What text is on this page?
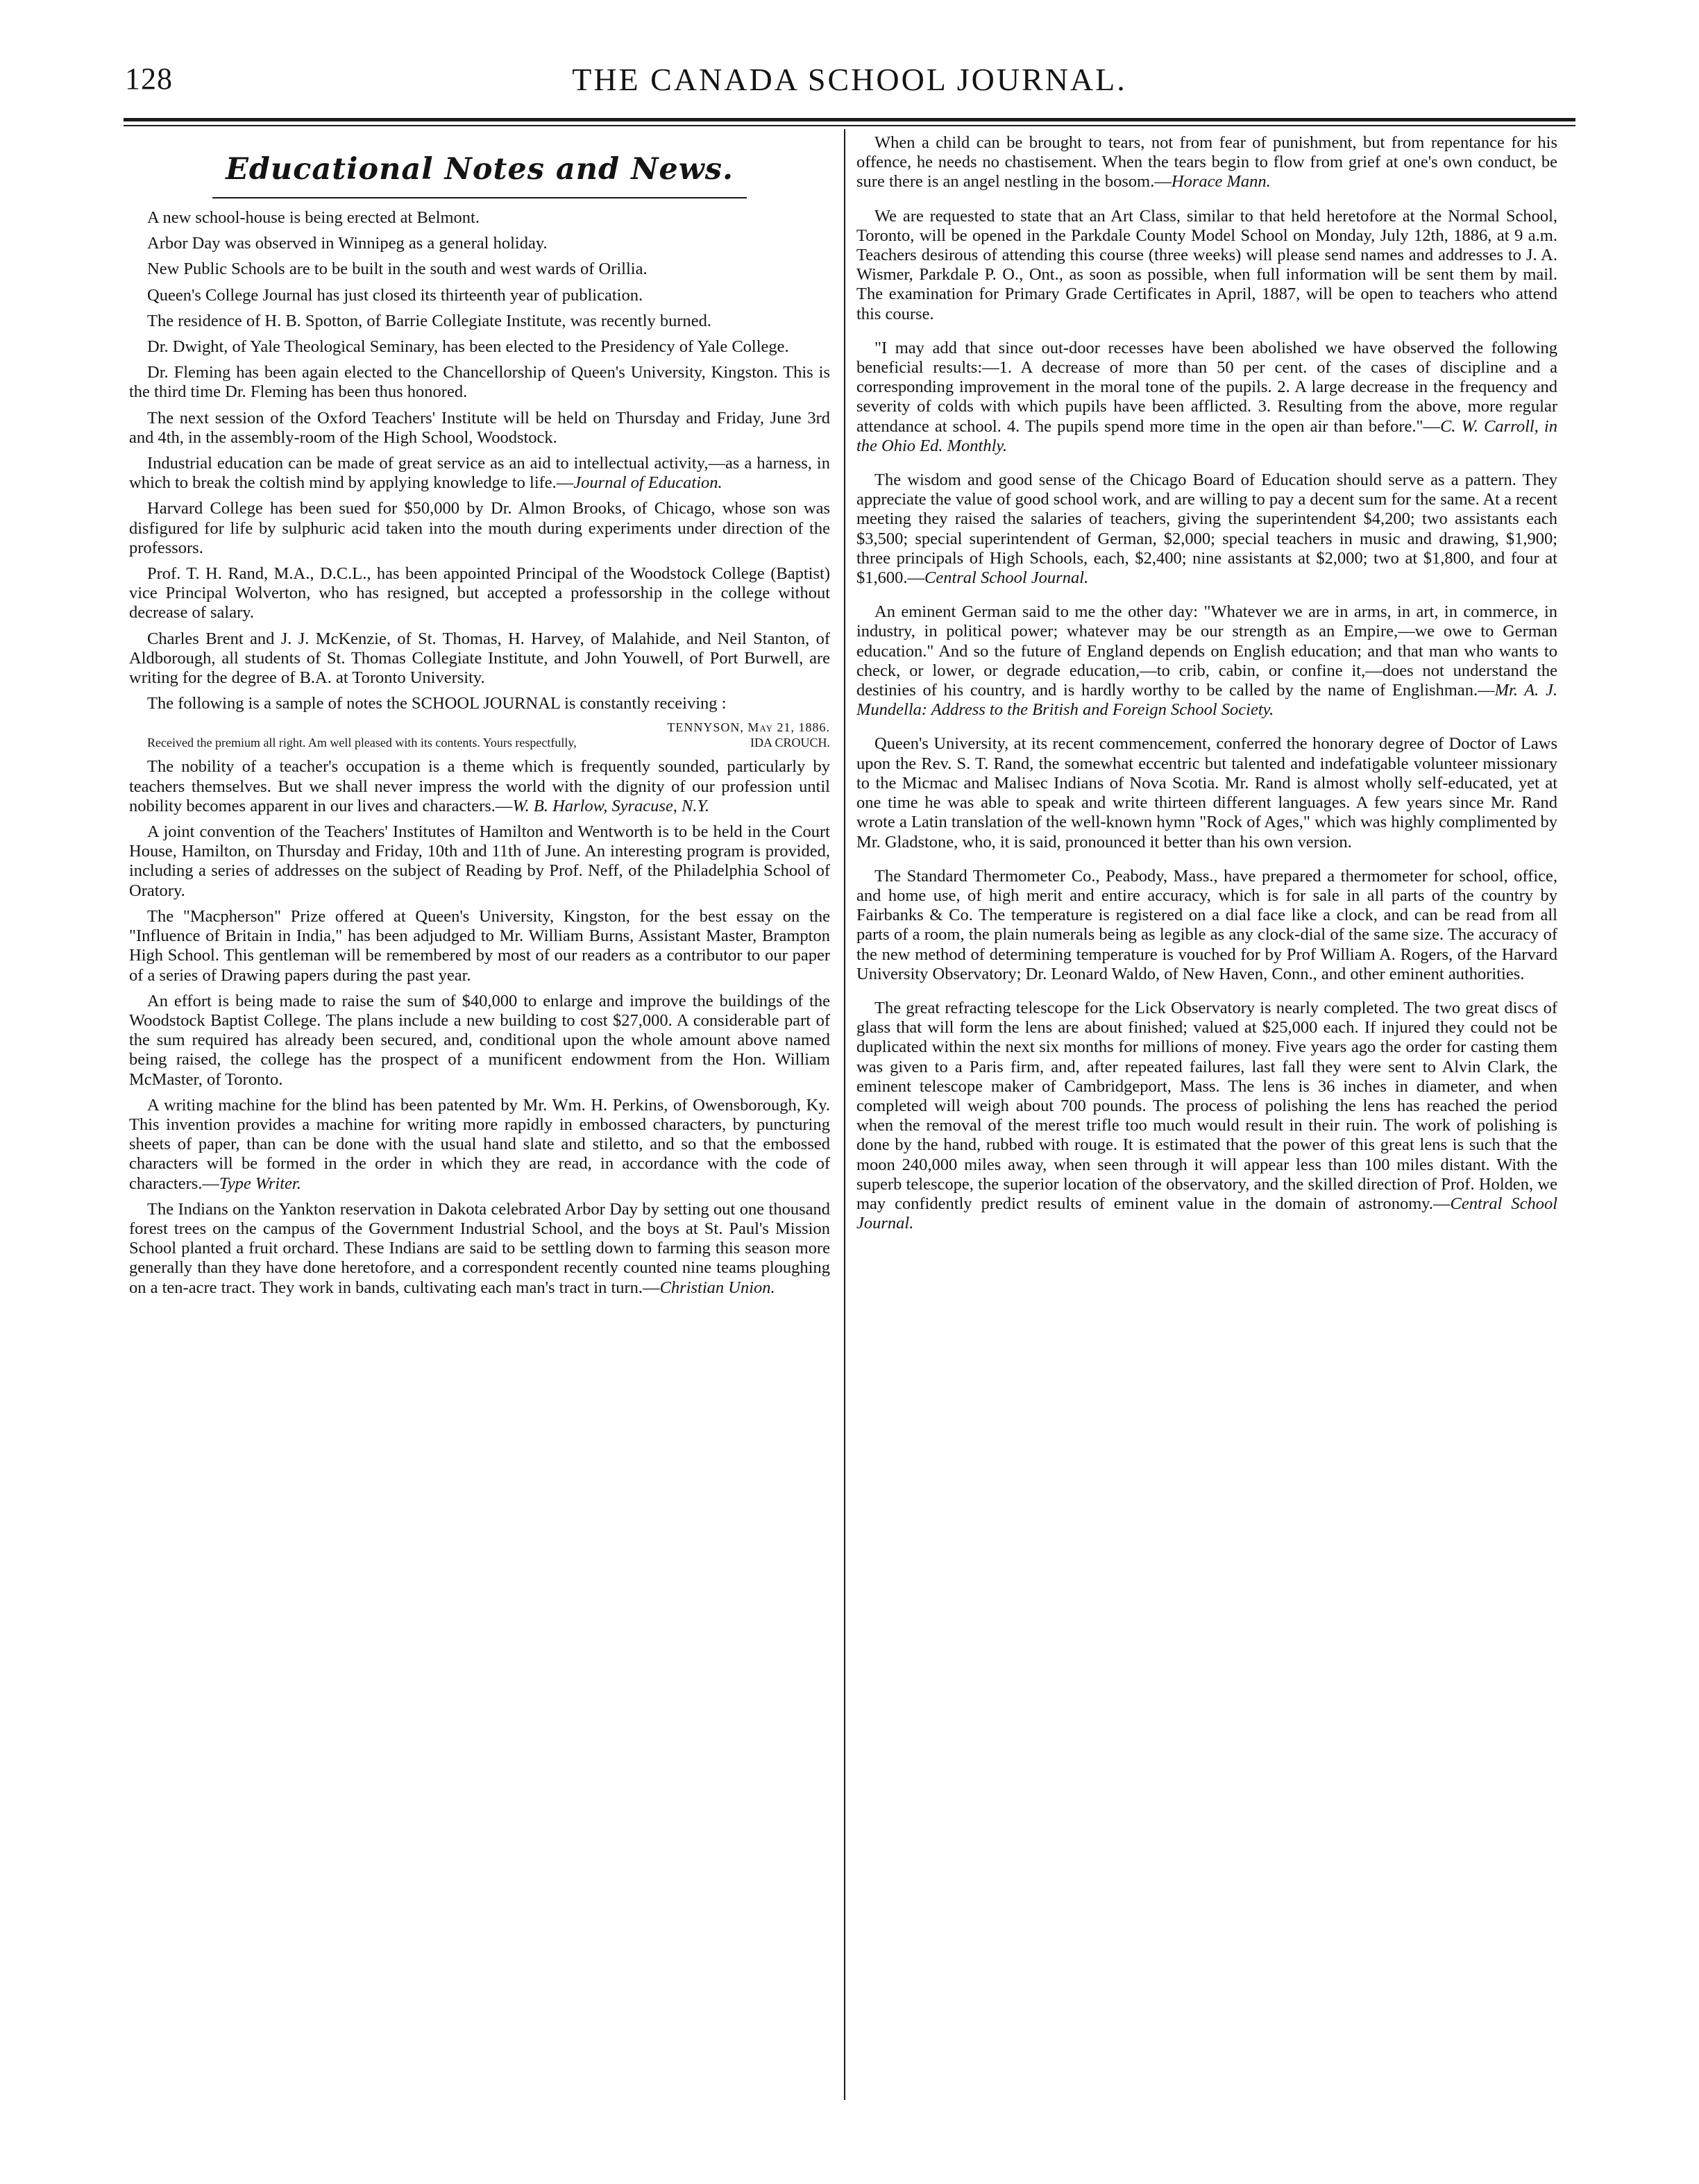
128	THE CANADA SCHOOL JOURNAL.
Educational Notes and News.

A new school-house is being erected at Belmont.

Arbor Day was observed in Winnipeg as a general holiday.

New Public Schools are to be built in the south and west wards of Orillia.

Queen's College Journal has just closed its thirteenth year of publication.

The residence of H. B. Spotton, of Barrie Collegiate Institute, was recently burned.

Dr. Dwight, of Yale Theological Seminary, has been elected to the Presidency of Yale College.

Dr. Fleming has been again elected to the Chancellorship of Queen's University, Kingston. This is the third time Dr. Fleming has been thus honored.

The next session of the Oxford Teachers' Institute will be held on Thursday and Friday, June 3rd and 4th, in the assembly-room of the High School, Woodstock.

Industrial education can be made of great service as an aid to intellectual activity,—as a harness, in which to break the coltish mind by applying knowledge to life.—Journal of Education.

Harvard College has been sued for $50,000 by Dr. Almon Brooks, of Chicago, whose son was disfigured for life by sulphuric acid taken into the mouth during experiments under direction of the professors.

Prof. T. H. Rand, M.A., D.C.L., has been appointed Principal of the Woodstock College (Baptist) vice Principal Wolverton, who has resigned, but accepted a professorship in the college without decrease of salary.

Charles Brent and J. J. McKenzie, of St. Thomas, H. Harvey, of Malahide, and Neil Stanton, of Aldborough, all students of St. Thomas Collegiate Institute, and John Youwell, of Port Burwell, are writing for the degree of B.A. at Toronto University.

The following is a sample of notes the SCHOOL JOURNAL is constantly receiving :

TENNYSON, May 21, 1886.
Received the premium all right. Am well pleased with its contents. Yours respectfully,	IDA CROUCH.

The nobility of a teacher's occupation is a theme which is frequently sounded, particularly by teachers themselves. But we shall never impress the world with the dignity of our profession until nobility becomes apparent in our lives and characters.—W. B. Harlow, Syracuse, N.Y.

A joint convention of the Teachers' Institutes of Hamilton and Wentworth is to be held in the Court House, Hamilton, on Thursday and Friday, 10th and 11th of June. An interesting program is provided, including a series of addresses on the subject of Reading by Prof. Neff, of the Philadelphia School of Oratory.

The "Macpherson" Prize offered at Queen's University, Kingston, for the best essay on the "Influence of Britain in India," has been adjudged to Mr. William Burns, Assistant Master, Brampton High School. This gentleman will be remembered by most of our readers as a contributor to our paper of a series of Drawing papers during the past year.

An effort is being made to raise the sum of $40,000 to enlarge and improve the buildings of the Woodstock Baptist College. The plans include a new building to cost $27,000. A considerable part of the sum required has already been secured, and, conditional upon the whole amount above named being raised, the college has the prospect of a munificent endowment from the Hon. William McMaster, of Toronto.

A writing machine for the blind has been patented by Mr. Wm. H. Perkins, of Owensborough, Ky. This invention provides a machine for writing more rapidly in embossed characters, by puncturing sheets of paper, than can be done with the usual hand slate and stiletto, and so that the embossed characters will be formed in the order in which they are read, in accordance with the code of characters.—Type Writer.

The Indians on the Yankton reservation in Dakota celebrated Arbor Day by setting out one thousand forest trees on the campus of the Government Industrial School, and the boys at St. Paul's Mission School planted a fruit orchard. These Indians are said to be settling down to farming this season more generally than they have done heretofore, and a correspondent recently counted nine teams ploughing on a ten-acre tract. They work in bands, cultivating each man's tract in turn.—Christian Union.

When a child can be brought to tears, not from fear of punishment, but from repentance for his offence, he needs no chastisement. When the tears begin to flow from grief at one's own conduct, be sure there is an angel nestling in the bosom.—Horace Mann.

We are requested to state that an Art Class, similar to that held heretofore at the Normal School, Toronto, will be opened in the Parkdale County Model School on Monday, July 12th, 1886, at 9 a.m. Teachers desirous of attending this course (three weeks) will please send names and addresses to J. A. Wismer, Parkdale P. O., Ont., as soon as possible, when full information will be sent them by mail. The examination for Primary Grade Certificates in April, 1887, will be open to teachers who attend this course.

"I may add that since out-door recesses have been abolished we have observed the following beneficial results:—1. A decrease of more than 50 per cent. of the cases of discipline and a corresponding improvement in the moral tone of the pupils. 2. A large decrease in the frequency and severity of colds with which pupils have been afflicted. 3. Resulting from the above, more regular attendance at school. 4. The pupils spend more time in the open air than before."—C. W. Carroll, in the Ohio Ed. Monthly.

The wisdom and good sense of the Chicago Board of Education should serve as a pattern. They appreciate the value of good school work, and are willing to pay a decent sum for the same. At a recent meeting they raised the salaries of teachers, giving the superintendent $4,200; two assistants each $3,500; special superintendent of German, $2,000; special teachers in music and drawing, $1,900; three principals of High Schools, each, $2,400; nine assistants at $2,000; two at $1,800, and four at $1,600.—Central School Journal.

An eminent German said to me the other day: "Whatever we are in arms, in art, in commerce, in industry, in political power; whatever may be our strength as an Empire,—we owe to German education." And so the future of England depends on English education; and that man who wants to check, or lower, or degrade education,—to crib, cabin, or confine it,—does not understand the destinies of his country, and is hardly worthy to be called by the name of Englishman.—Mr. A. J. Mundella: Address to the British and Foreign School Society.

Queen's University, at its recent commencement, conferred the honorary degree of Doctor of Laws upon the Rev. S. T. Rand, the somewhat eccentric but talented and indefatigable volunteer missionary to the Micmac and Malisec Indians of Nova Scotia. Mr. Rand is almost wholly self-educated, yet at one time he was able to speak and write thirteen different languages. A few years since Mr. Rand wrote a Latin translation of the well-known hymn "Rock of Ages," which was highly complimented by Mr. Gladstone, who, it is said, pronounced it better than his own version.

The Standard Thermometer Co., Peabody, Mass., have prepared a thermometer for school, office, and home use, of high merit and entire accuracy, which is for sale in all parts of the country by Fairbanks & Co. The temperature is registered on a dial face like a clock, and can be read from all parts of a room, the plain numerals being as legible as any clock-dial of the same size. The accuracy of the new method of determining temperature is vouched for by Prof William A. Rogers, of the Harvard University Observatory; Dr. Leonard Waldo, of New Haven, Conn., and other eminent authorities.

The great refracting telescope for the Lick Observatory is nearly completed. The two great discs of glass that will form the lens are about finished; valued at $25,000 each. If injured they could not be duplicated within the next six months for millions of money. Five years ago the order for casting them was given to a Paris firm, and, after repeated failures, last fall they were sent to Alvin Clark, the eminent telescope maker of Cambridgeport, Mass. The lens is 36 inches in diameter, and when completed will weigh about 700 pounds. The process of polishing the lens has reached the period when the removal of the merest trifle too much would result in their ruin. The work of polishing is done by the hand, rubbed with rouge. It is estimated that the power of this great lens is such that the moon 240,000 miles away, when seen through it will appear less than 100 miles distant. With the superb telescope, the superior location of the observatory, and the skilled direction of Prof. Holden, we may confidently predict results of eminent value in the domain of astronomy.—Central School Journal.
